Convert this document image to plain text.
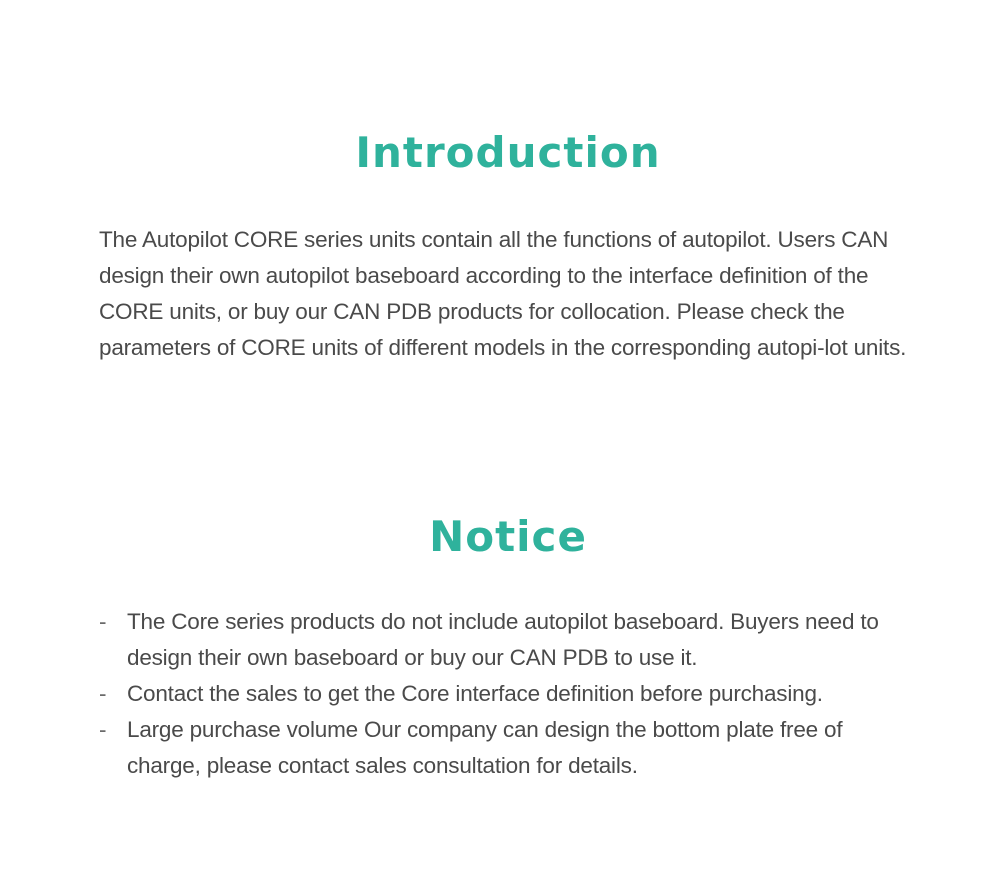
Introduction

The Autopilot CORE series units contain all the functions of autopilot. Users CAN design their own autopilot baseboard according to the interface definition of the CORE units, or buy our CAN PDB products for collocation. Please check the parameters of CORE units of different models in the corresponding autopi-lot units.

Notice
- The Core series products do not include autopilot baseboard. Buyers need to design their own baseboard or buy our CAN PDB to use it.
- Contact the sales to get the Core interface definition before purchasing.
- Large purchase volume Our company can design the bottom plate free of charge, please contact sales consultation for details.
